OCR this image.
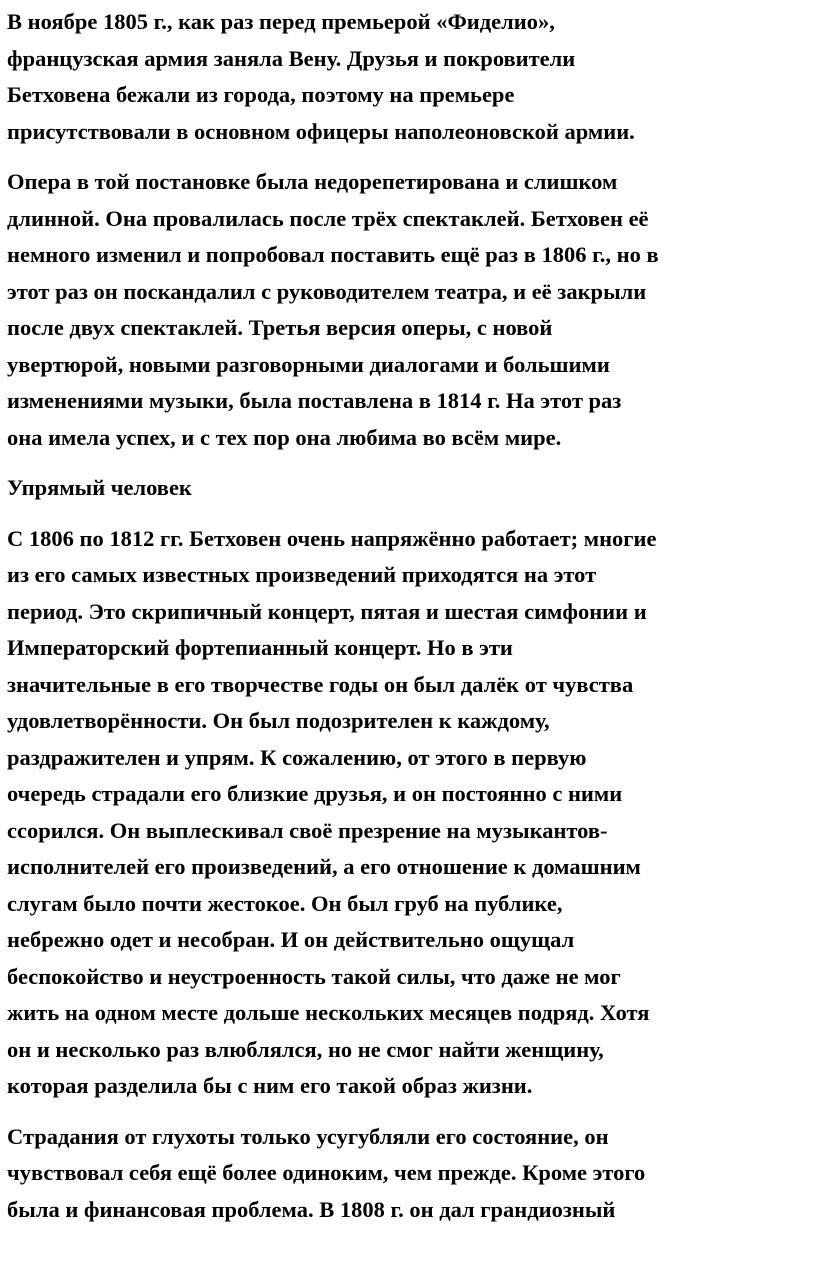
В ноябре 1805 г., как раз перед премьерой «Фиделио»,
французская армия заняла Вену. Друзья и покровители
Бетховена бежали из города, поэтому на премьере
присутствовали в основном офицеры наполеоновской армии.
Опера в той постановке была недорепетирована и слишком
длинной. Она провалилась после трёх спектаклей. Бетховен её
немного изменил и попробовал поставить ещё раз в 1806 г., но в
этот раз он поскандалил с руководителем театра, и её закрыли
после двух спектаклей. Третья версия оперы, с новой
увертюрой, новыми разговорными диалогами и большими
изменениями музыки, была поставлена в 1814 г. На этот раз
она имела успех, и с тех пор она любима во всём мире.
Упрямый человек
С 1806 по 1812 гг. Бетховен очень напряжённо работает; многие
из его самых известных произведений приходятся на этот
период. Это скрипичный концерт, пятая и шестая симфонии и
Императорский фортепианный концерт. Но в эти
значительные в его творчестве годы он был далёк от чувства
удовлетворённости. Он был подозрителен к каждому,
раздражителен и упрям. К сожалению, от этого в первую
очередь страдали его близкие друзья, и он постоянно с ними
ссорился. Он выплескивал своё презрение на музыкантов-
исполнителей его произведений, а его отношение к домашним
слугам было почти жестокое. Он был груб на публике,
небрежно одет и несобран. И он действительно ощущал
беспокойство и неустроенность такой силы, что даже не мог
жить на одном месте дольше нескольких месяцев подряд. Хотя
он и несколько раз влюблялся, но не смог найти женщину,
которая разделила бы с ним его такой образ жизни.
Страдания от глухоты только усугубляли его состояние, он
чувствовал себя ещё более одиноким, чем прежде. Кроме этого
была и финансовая проблема. В 1808 г. он дал грандиозный
